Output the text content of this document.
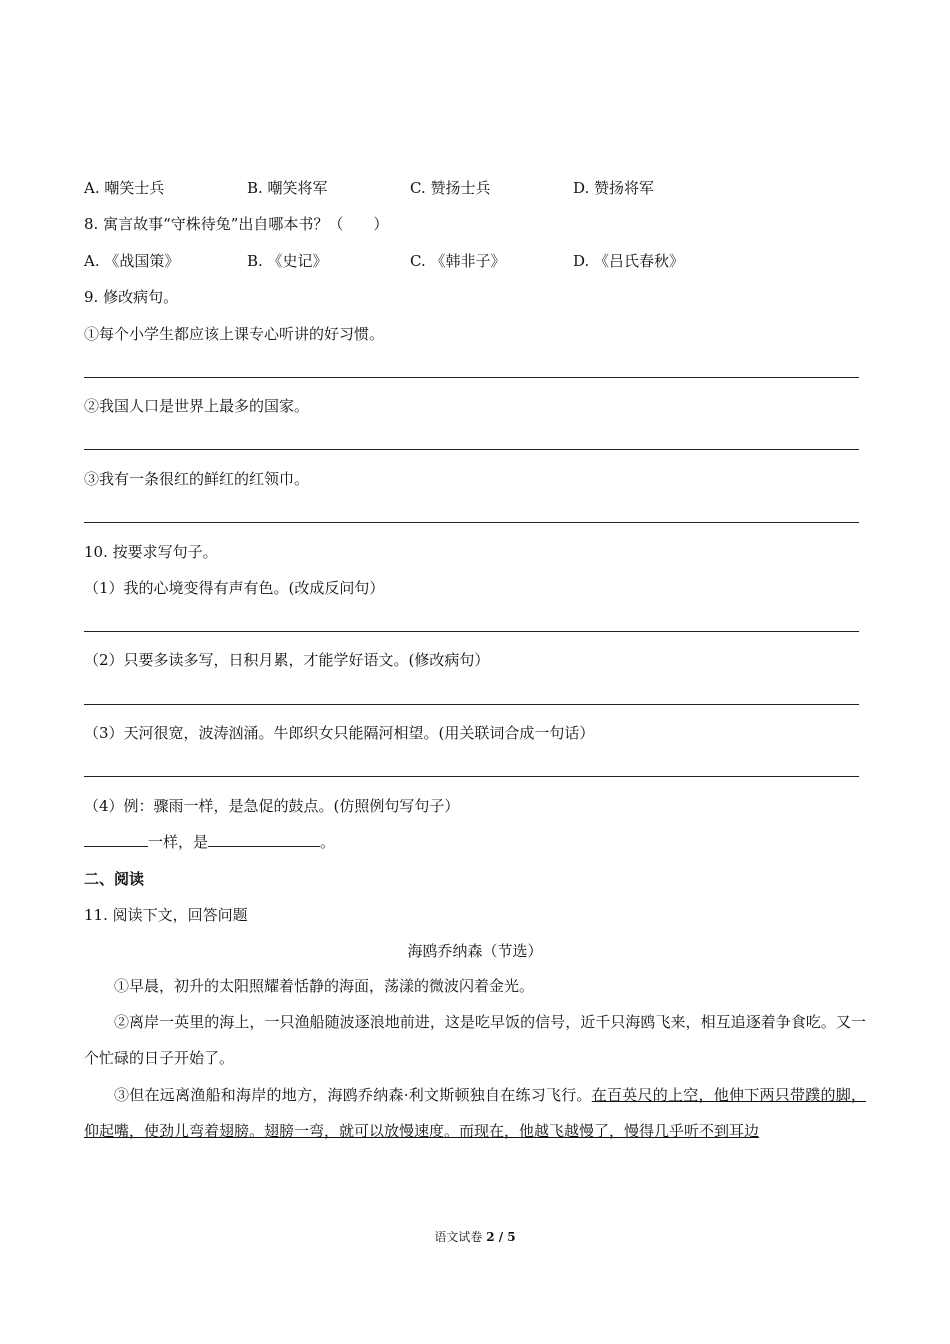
A. 嘲笑士兵	B. 嘲笑将军	C. 赞扬士兵	D. 赞扬将军
8. 寓言故事“守株待兔”出自哪本书？（　　）
A. 《战国策》	B. 《史记》	C. 《韩非子》	D. 《吕氏春秋》
9. 修改病句。
①每个小学生都应该上课专心听讲的好习惯。
②我国人口是世界上最多的国家。
③我有一条很红的鲜红的红领巾。
10. 按要求写句子。
（1）我的心境变得有声有色。(改成反问句）
（2）只要多读多写，日积月累，才能学好语文。(修改病句）
（3）天河很宽，波涛汹涌。牛郎织女只能隔河相望。(用关联词合成一句话）
（4）例：骤雨一样，是急促的鼓点。(仿照例句写句子）
一样，是	。
二、阅读
11. 阅读下文，回答问题
海鸥乔纳森（节选）
①早晨，初升的太阳照耀着恬静的海面，荡漾的微波闪着金光。
②离岸一英里的海上，一只渔船随波逐浪地前进，这是吃早饭的信号，近千只海鸥飞来，相互追逐着争食吃。又一个忙碌的日子开始了。
③但在远离渔船和海岸的地方，海鸥乔纳森·利文斯顿独自在练习飞行。在百英尺的上空，他伸下两只带蹼的脚，仰起嘴，使劲儿弯着翅膀。翅膀一弯，就可以放慢速度。而现在，他越飞越慢了，慢得几乎听不到耳边
语文试卷 2 / 5
